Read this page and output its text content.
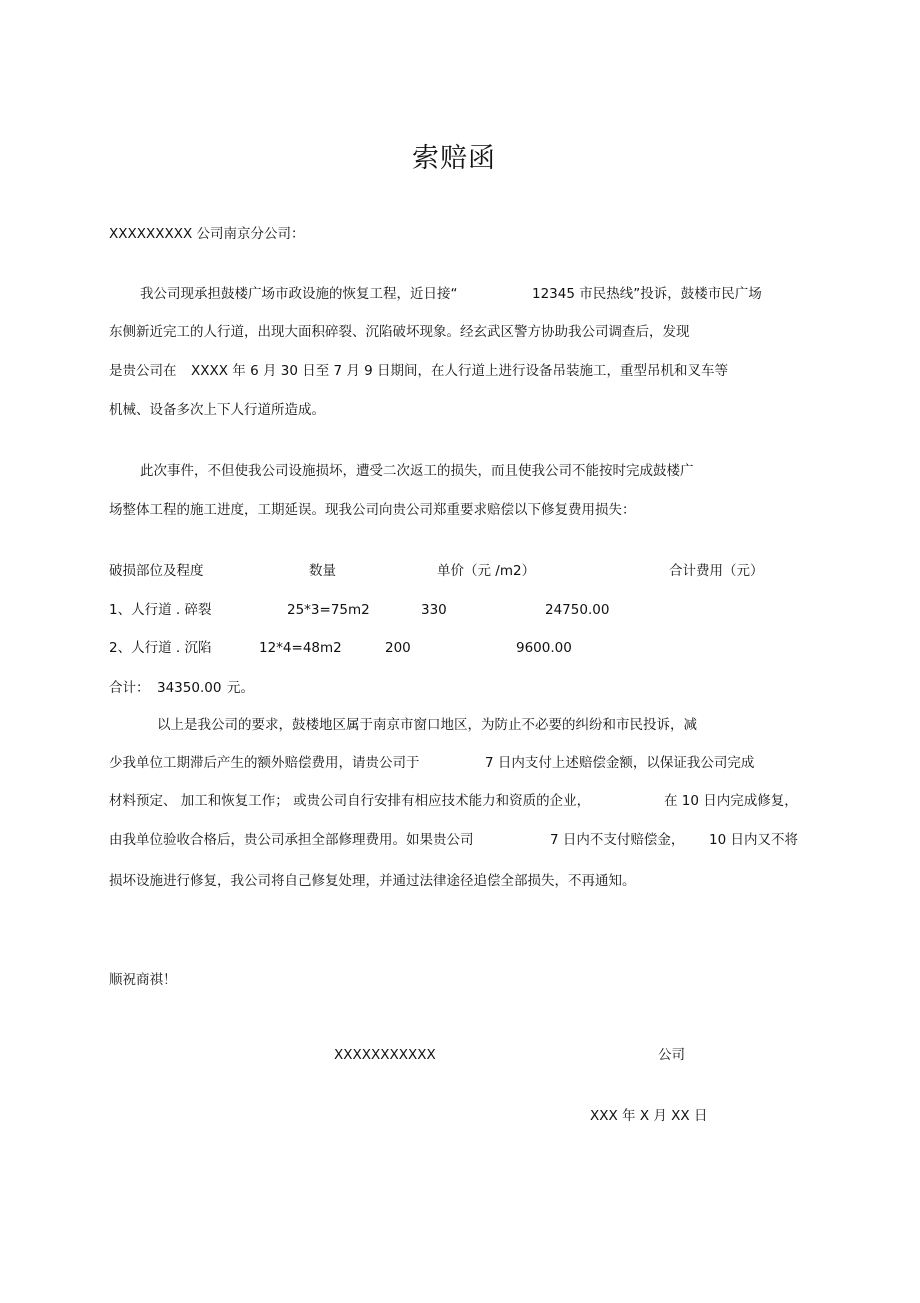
索赔函
XXXXXXXXX 公司南京分公司：
我公司现承担鼓楼广场市政设施的恢复工程，近日接“	12345 市民热线”投诉，鼓楼市民广场
东侧新近完工的人行道，出现大面积碎裂、沉陷破坏现象。经玄武区警方协助我公司调查后，发现
是贵公司在 XXXX 年 6 月 30 日至 7 月 9 日期间，在人行道上进行设备吊装施工，重型吊机和叉车等
机械、设备多次上下人行道所造成。
此次事件，不但使我公司设施损坏，遭受二次返工的损失，而且使我公司不能按时完成鼓楼广
场整体工程的施工进度，工期延误。现我公司向贵公司郑重要求赔偿以下修复费用损失：
破损部位及程度	数量	单价（元 /m2）	合计费用（元）
1、人行道 . 碎裂	25*3=75m2	330	24750.00
2、人行道 . 沉陷	12*4=48m2	200	9600.00
合计： 34350.00 元。
以上是我公司的要求，鼓楼地区属于南京市窗口地区，为防止不必要的纠纷和市民投诉，减
少我单位工期滞后产生的额外赔偿费用，请贵公司于	7 日内支付上述赔偿金额，以保证我公司完成
材料预定、 加工和恢复工作； 或贵公司自行安排有相应技术能力和资质的企业，	在 10 日内完成修复，
由我单位验收合格后，贵公司承担全部修理费用。如果贵公司	7 日内不支付赔偿金， 10 日内又不将
损坏设施进行修复，我公司将自己修复处理，并通过法律途径追偿全部损失，不再通知。
顺祝商祺！
XXXXXXXXXXX	公司
XXX 年 X 月 XX 日
